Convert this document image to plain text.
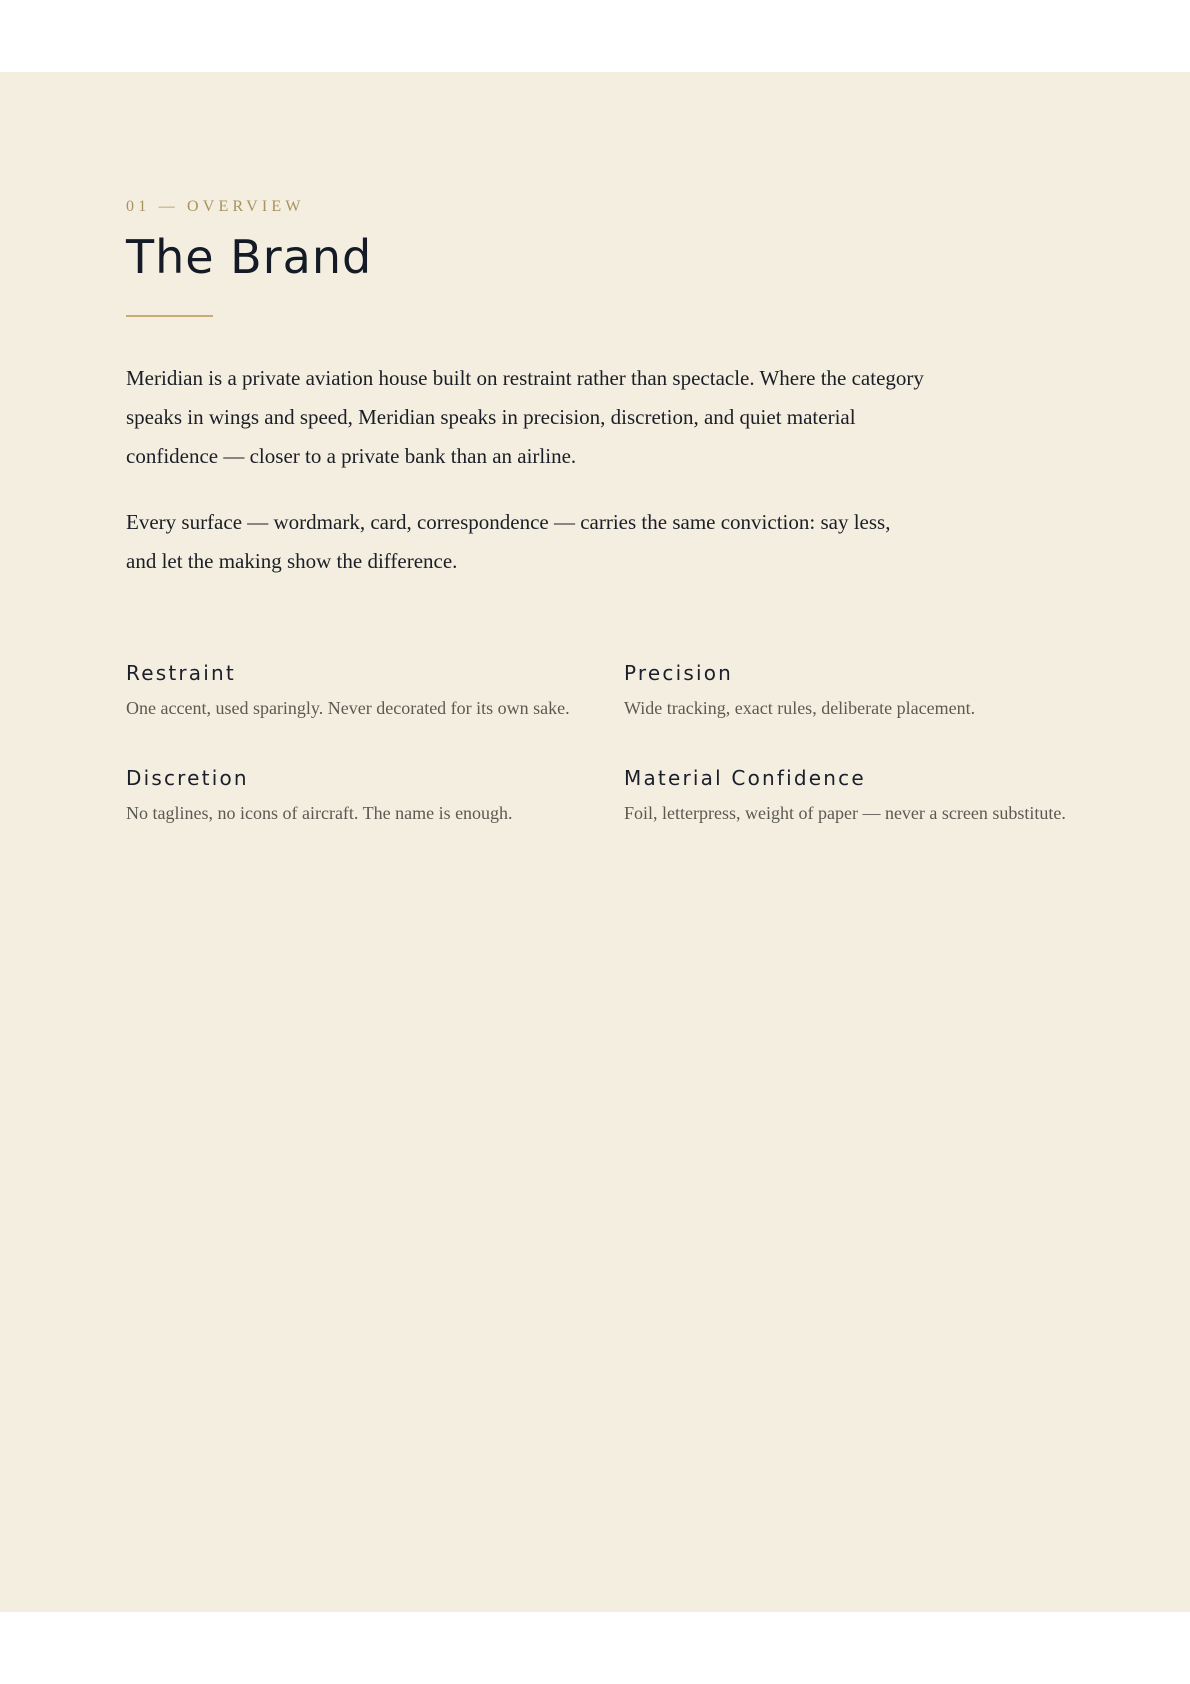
01 — OVERVIEW
The Brand

Meridian is a private aviation house built on restraint rather than spectacle. Where the category speaks in wings and speed, Meridian speaks in precision, discretion, and quiet material confidence — closer to a private bank than an airline.

Every surface — wordmark, card, correspondence — carries the same conviction: say less, and let the making show the difference.

Restraint

One accent, used sparingly. Never decorated for its own sake.

Precision

Wide tracking, exact rules, deliberate placement.

Discretion

No taglines, no icons of aircraft. The name is enough.

Material Confidence

Foil, letterpress, weight of paper — never a screen substitute.
